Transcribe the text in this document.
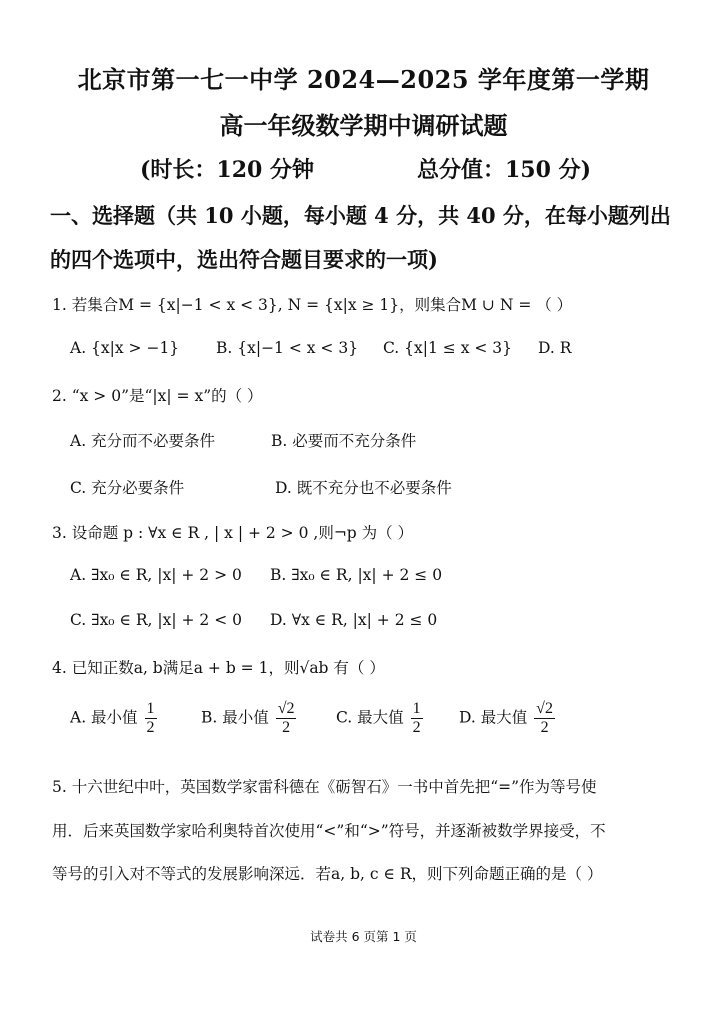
北京市第一七一中学 2024—2025 学年度第一学期
高一年级数学期中调研试题
(时长：120 分钟	总分值：150 分)
一、选择题（共 10 小题，每小题 4 分，共 40 分，在每小题列出
的四个选项中，选出符合题目要求的一项)
1. 若集合M = {x|−1 < x < 3}, N = {x|x ≥ 1}，则集合M ∪ N = （ ）
A. {x|x > −1} B. {x|−1 < x < 3} C. {x|1 ≤ x < 3} D. R
2. “x > 0”是“|x| = x”的（ ）
A. 充分而不必要条件	B. 必要而不充分条件
C. 充分必要条件	D. 既不充分也不必要条件
3. 设命题 p : ∀x ∈ R , | x | + 2 > 0 ,则¬p 为（ ）
A. ∃x₀ ∈ R, |x| + 2 > 0 B. ∃x₀ ∈ R, |x| + 2 ≤ 0
C. ∃x₀ ∈ R, |x| + 2 < 0 D. ∀x ∈ R, |x| + 2 ≤ 0
4. 已知正数a, b满足a + b = 1，则√ab 有（ ）
A. 最小值 $\frac{1}{2}$	B. 最小值 $\frac{√2}{2}$	C. 最大值 $\frac{1}{2} D$. 最大值 $\frac{√2}{2}$
5. 十六世纪中叶，英国数学家雷科德在《砺智石》一书中首先把“=”作为等号使
用．后来英国数学家哈利奥特首次使用“<”和“>”符号，并逐渐被数学界接受，不
等号的引入对不等式的发展影响深远．若a, b, c ∈ R，则下列命题正确的是（ ）
试卷共 6 页第 1 页
